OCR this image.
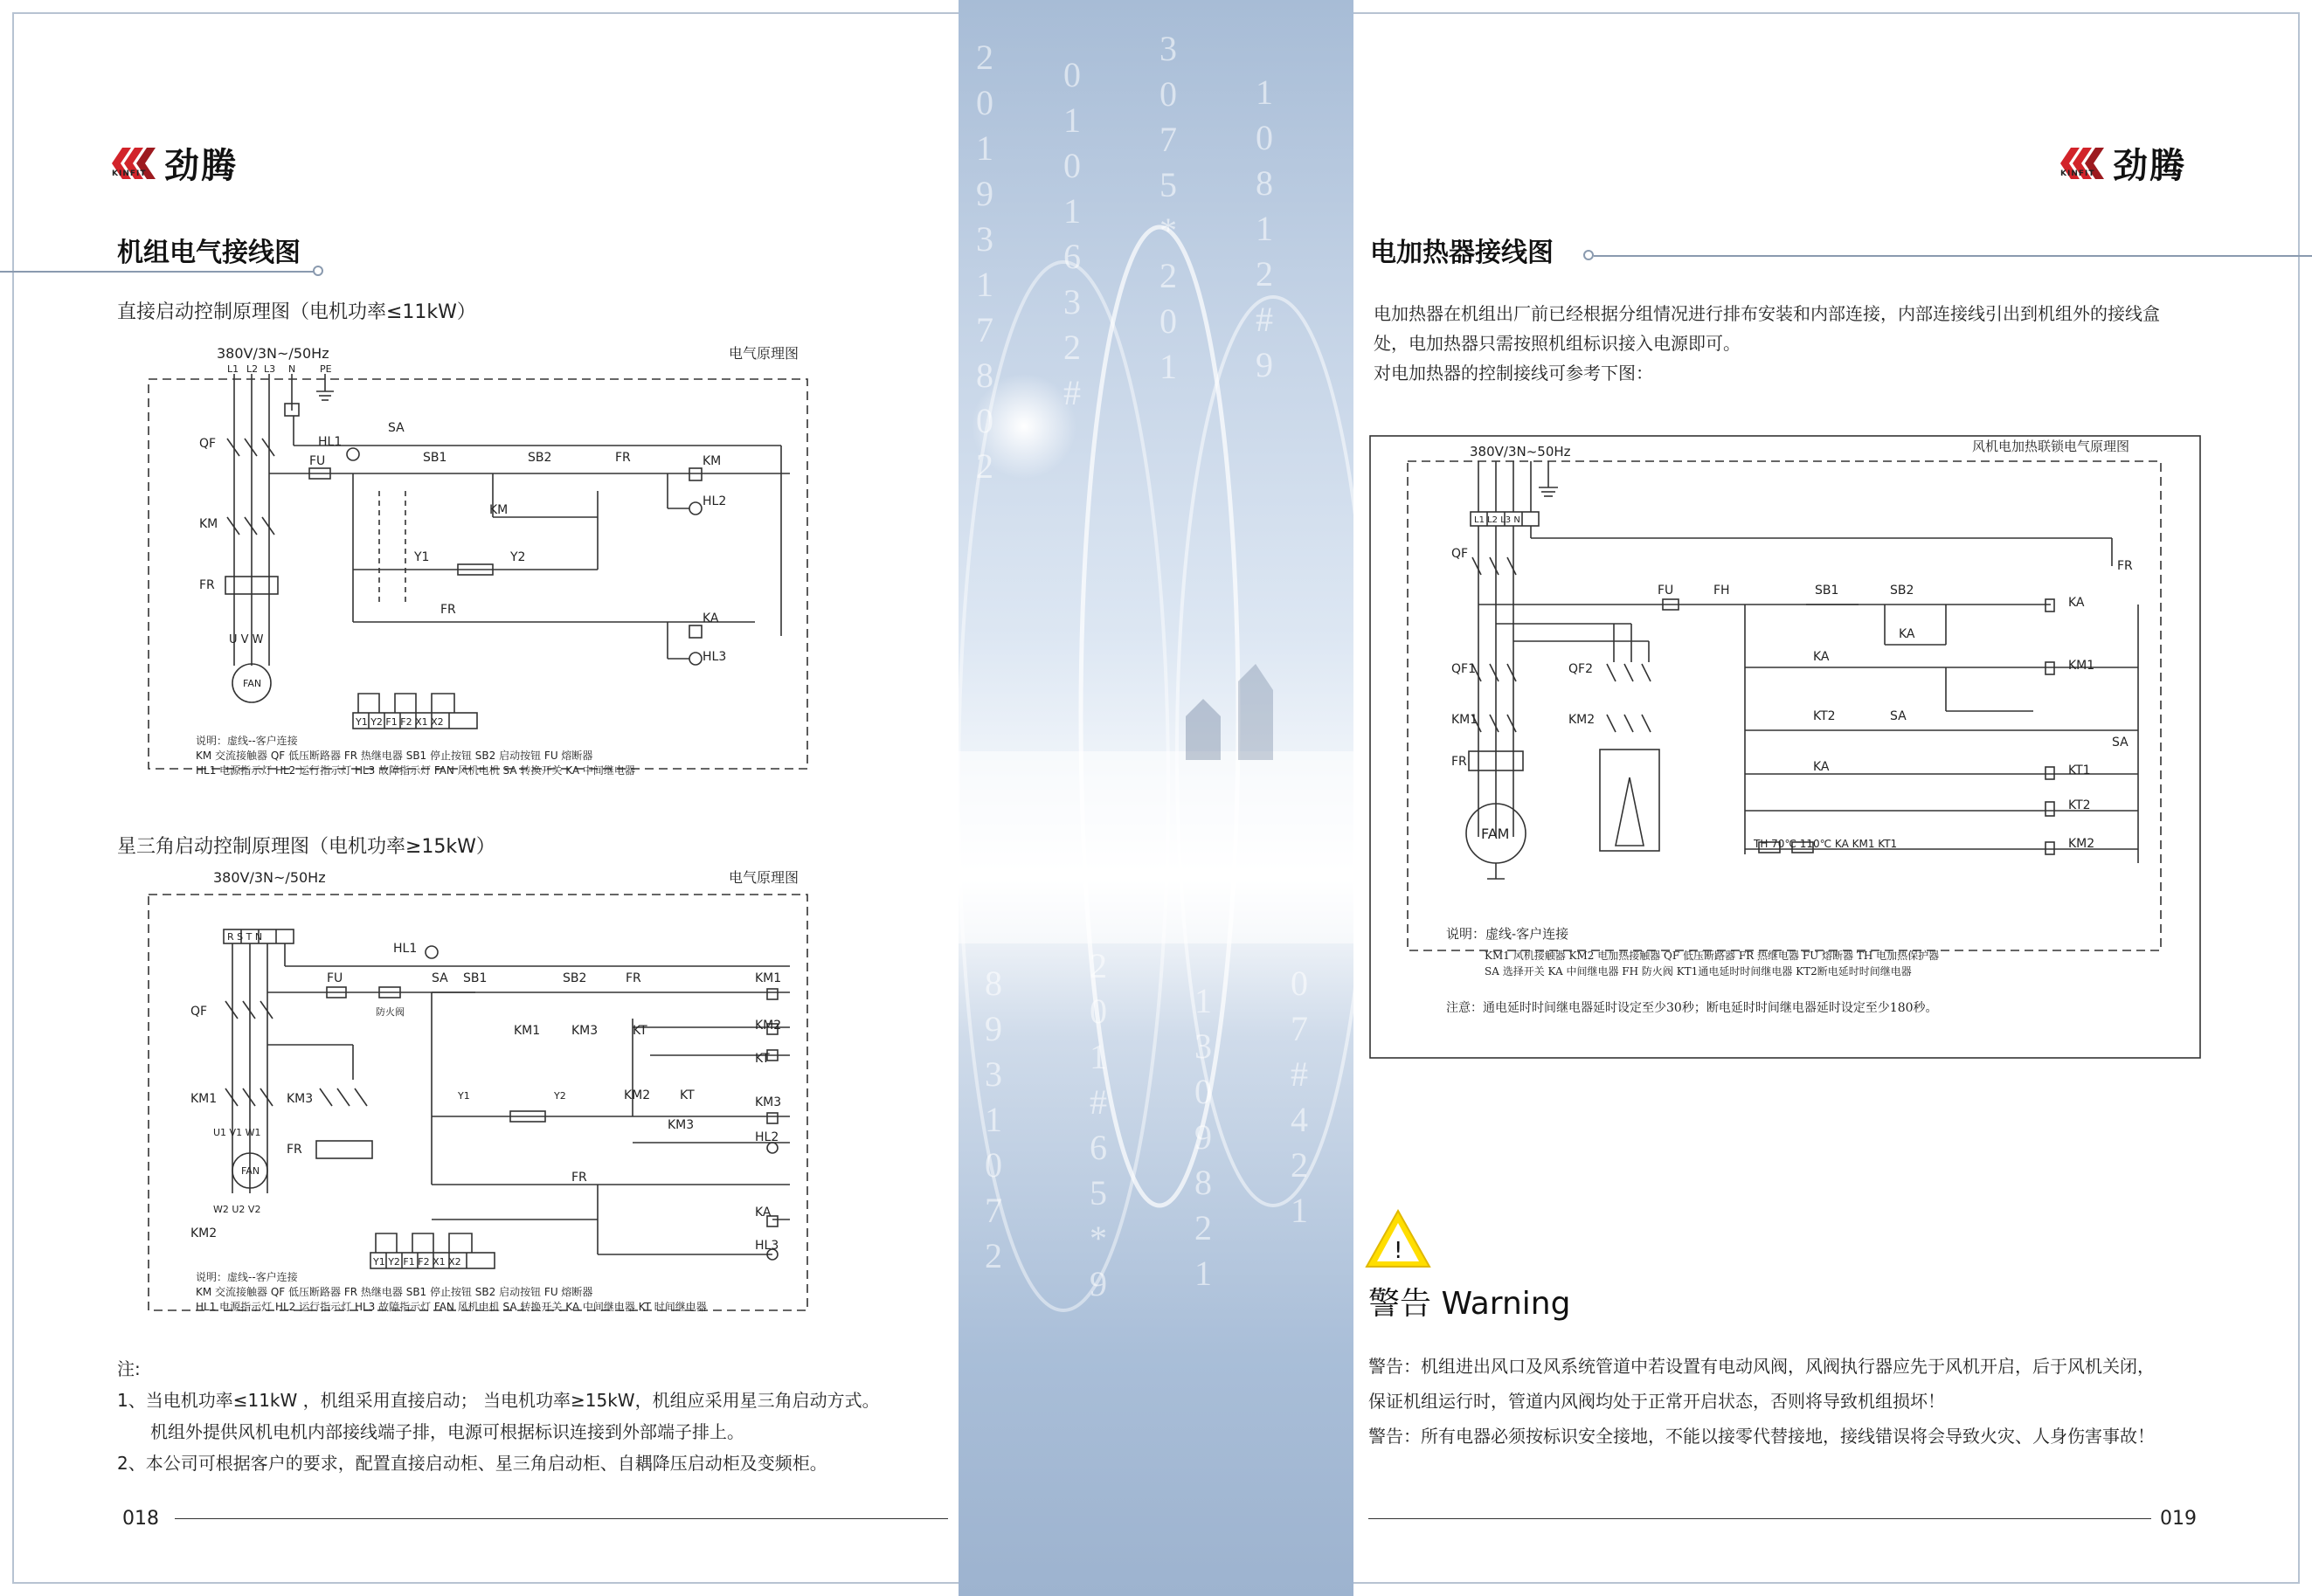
2
0
1
9
3
1
7
8
0
2
0
1
0
1
6
3
2
#
3
0
7
5
*
2
0
1
1
0
8
1
2
#
9
8
9
3
1
0
7
2
2
0
1
#
6
5
*
9
1
3
0
9
8
2
1
0
7
#
4
2
1
劲腾
KINFIT
机组电气接线图
直接启动控制原理图（电机功率≤11kW）
380V/3N~/50Hz	电气原理图
L1 L2 L3 N	PE
QF
KM
FR
FAN
U V W
HL1
FU
SA
SB1	SB2	FR	KM
HL2
KM
Y1	Y2
FR
KA
HL3
Y1 Y2 F1 F2 X1 X2
说明：虚线--客户连接
KM 交流接触器 QF 低压断路器 FR 热继电器 SB1 停止按钮 SB2 启动按钮 FU 熔断器
HL1 电源指示灯 HL2 运行指示灯 HL3 故障指示灯 FAN 风机电机 SA 转换开关 KA 中间继电器
星三角启动控制原理图（电机功率≥15kW）
380V/3N~/50Hz	电气原理图
R S T N
QF
KM1
KM2
KM3
FR
FAN
U1 V1 W1
W2 U2 V2
HL1
FU
防火阀
SA SB1	SB2	FR
KM1	KM3	KT
Y1	Y2	KM2 KT
KM3
FR
KM1
KM2
KT
KM3
HL2
KA
HL3
Y1 Y2 F1 F2 X1 X2
说明：虚线--客户连接
KM 交流接触器 QF 低压断路器 FR 热继电器 SB1 停止按钮 SB2 启动按钮 FU 熔断器
HL1 电源指示灯 HL2 运行指示灯 HL3 故障指示灯 FAN 风机电机 SA 转换开关 KA 中间继电器 KT 时间继电器
注:
1、当电机功率≤11kW ，机组采用直接启动； 当电机功率≥15kW，机组应采用星三角启动方式。
机组外提供风机电机内部接线端子排，电源可根据标识连接到外部端子排上。
2、本公司可根据客户的要求，配置直接启动柜、星三角启动柜、自耦降压启动柜及变频柜。
018
劲腾
KINFIT
电加热器接线图
电加热器在机组出厂前已经根据分组情况进行排布安装和内部连接，内部连接线引出到机组外的接线盒
处，电加热器只需按照机组标识接入电源即可。
对电加热器的控制接线可参考下图：
380V/3N~50Hz	风机电加热联锁电气原理图
L1 L2 L3 N
QF
QF1
KM1
FR
FAM
QF2
KM2
FU	FH	SB1	SB2
KA
KA
KT2	SA
KA
TH 70℃ 110℃ KA KM1 KT1
KA
KM1
KT1
KT2
KM2
FR
SA
说明：虚线-客户连接
KM1 风机接触器 KM2 电加热接触器 QF 低压断路器 FR 热继电器 FU 熔断器 TH 电加热保护器
SA 选择开关 KA 中间继电器 FH 防火阀 KT1通电延时时间继电器 KT2断电延时时间继电器
注意：通电延时时间继电器延时设定至少30秒；断电延时时间继电器延时设定至少180秒。
!
警告 Warning
警告：机组进出风口及风系统管道中若设置有电动风阀，风阀执行器应先于风机开启，后于风机关闭，
保证机组运行时，管道内风阀均处于正常开启状态，否则将导致机组损坏！
警告：所有电器必须按标识安全接地，不能以接零代替接地，接线错误将会导致火灾、人身伤害事故！
019
